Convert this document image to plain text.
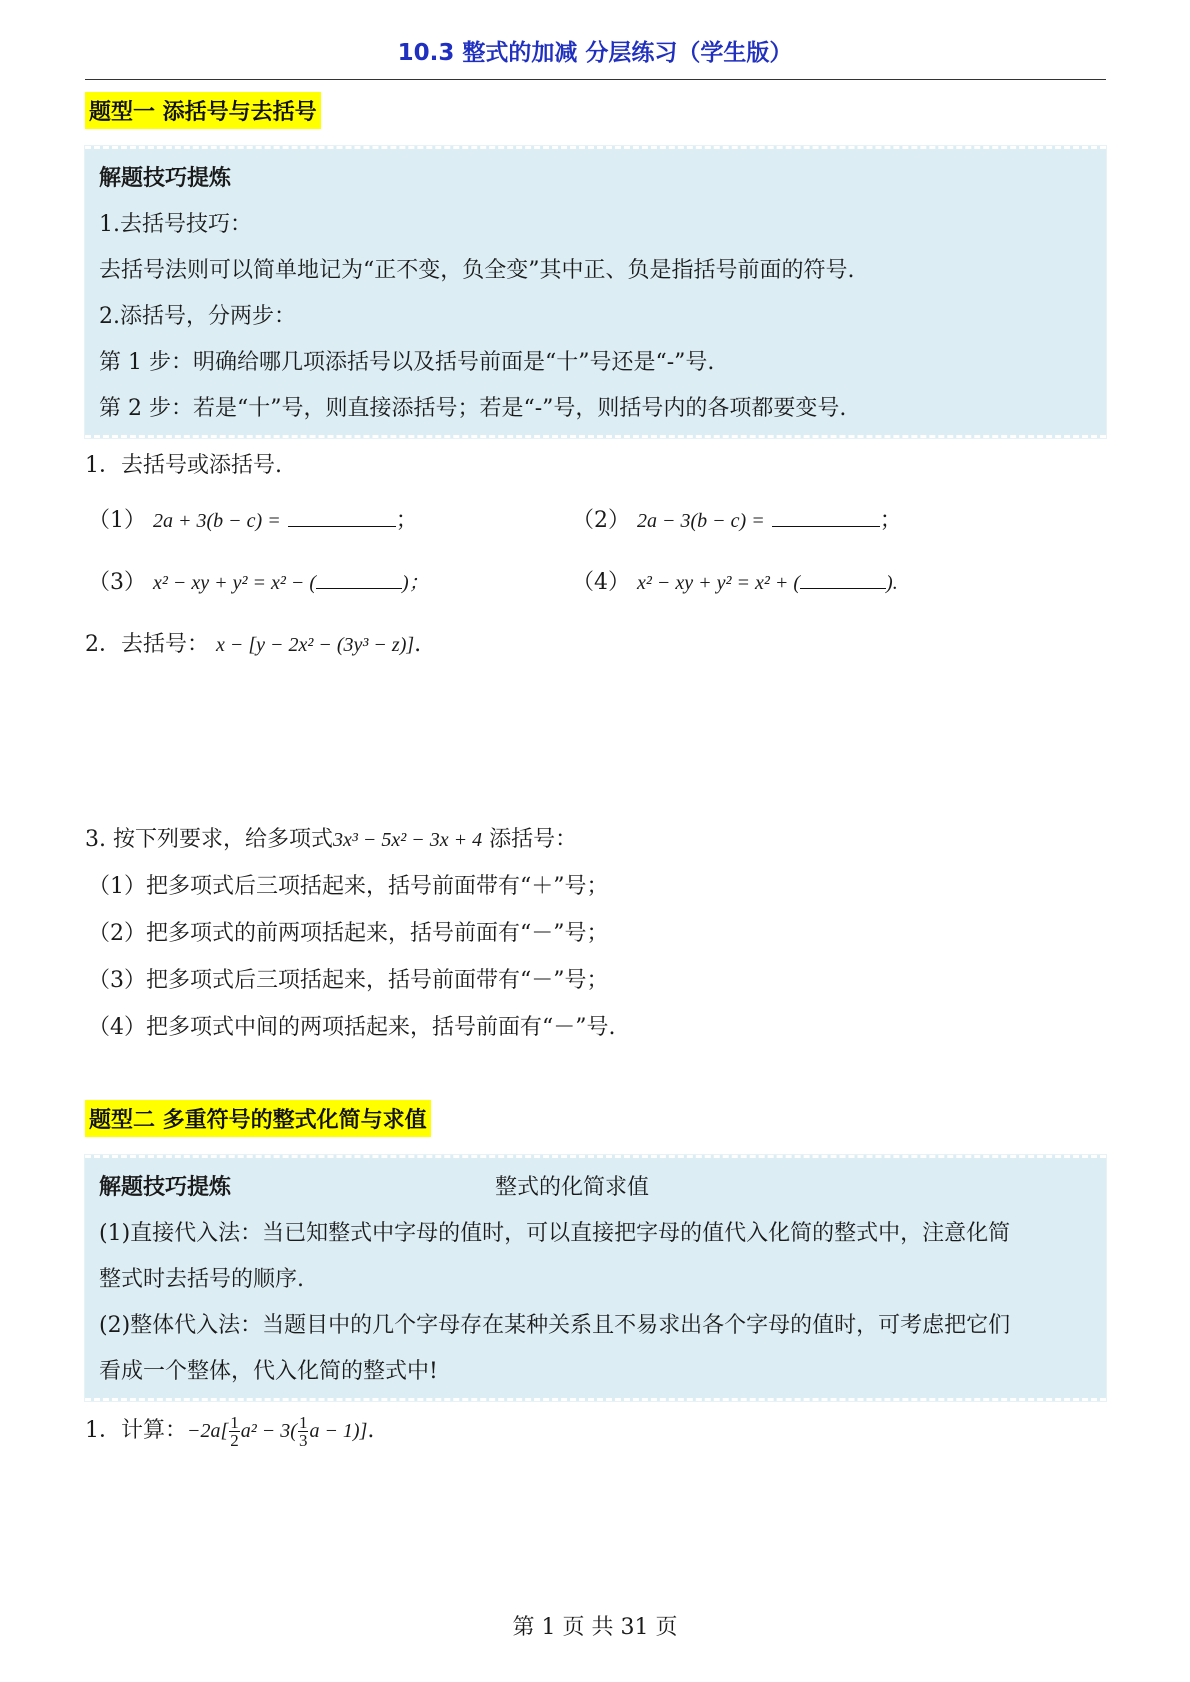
10.3 整式的加减 分层练习（学生版）
题型一 添括号与去括号
解题技巧提炼
1.去括号技巧：
去括号法则可以简单地记为“正不变，负全变”其中正、负是指括号前面的符号.
2.添括号，分两步：
第 1 步：明确给哪几项添括号以及括号前面是“十”号还是“-”号.
第 2 步：若是“十”号，则直接添括号；若是“-”号，则括号内的各项都要变号.
1．去括号或添括号.
（1） 2a + 3(b − c) =	；	（2） 2a − 3(b − c) =	；
（3） x² − xy + y² = x² − (	)；	（4） x² − xy + y² = x² + (	).
2．去括号： x − [y − 2x² − (3y³ − z)].
3. 按下列要求，给多项式3x³ − 5x² − 3x + 4 添括号：
（1）把多项式后三项括起来，括号前面带有“＋”号；
（2）把多项式的前两项括起来，括号前面有“－”号；
（3）把多项式后三项括起来，括号前面带有“－”号；
（4）把多项式中间的两项括起来，括号前面有“－”号.
题型二 多重符号的整式化简与求值
解题技巧提炼	整式的化简求值
(1)直接代入法：当已知整式中字母的值时，可以直接把字母的值代入化简的整式中，注意化简
整式时去括号的顺序.
(2)整体代入法：当题目中的几个字母存在某种关系且不易求出各个字母的值时，可考虑把它们
看成一个整体，代入化简的整式中!
1．计算：$-2a[ \frac{1}{2} a^2 - 3( \frac{1}{3}$ a − 1)].
第 1 页 共 31 页
